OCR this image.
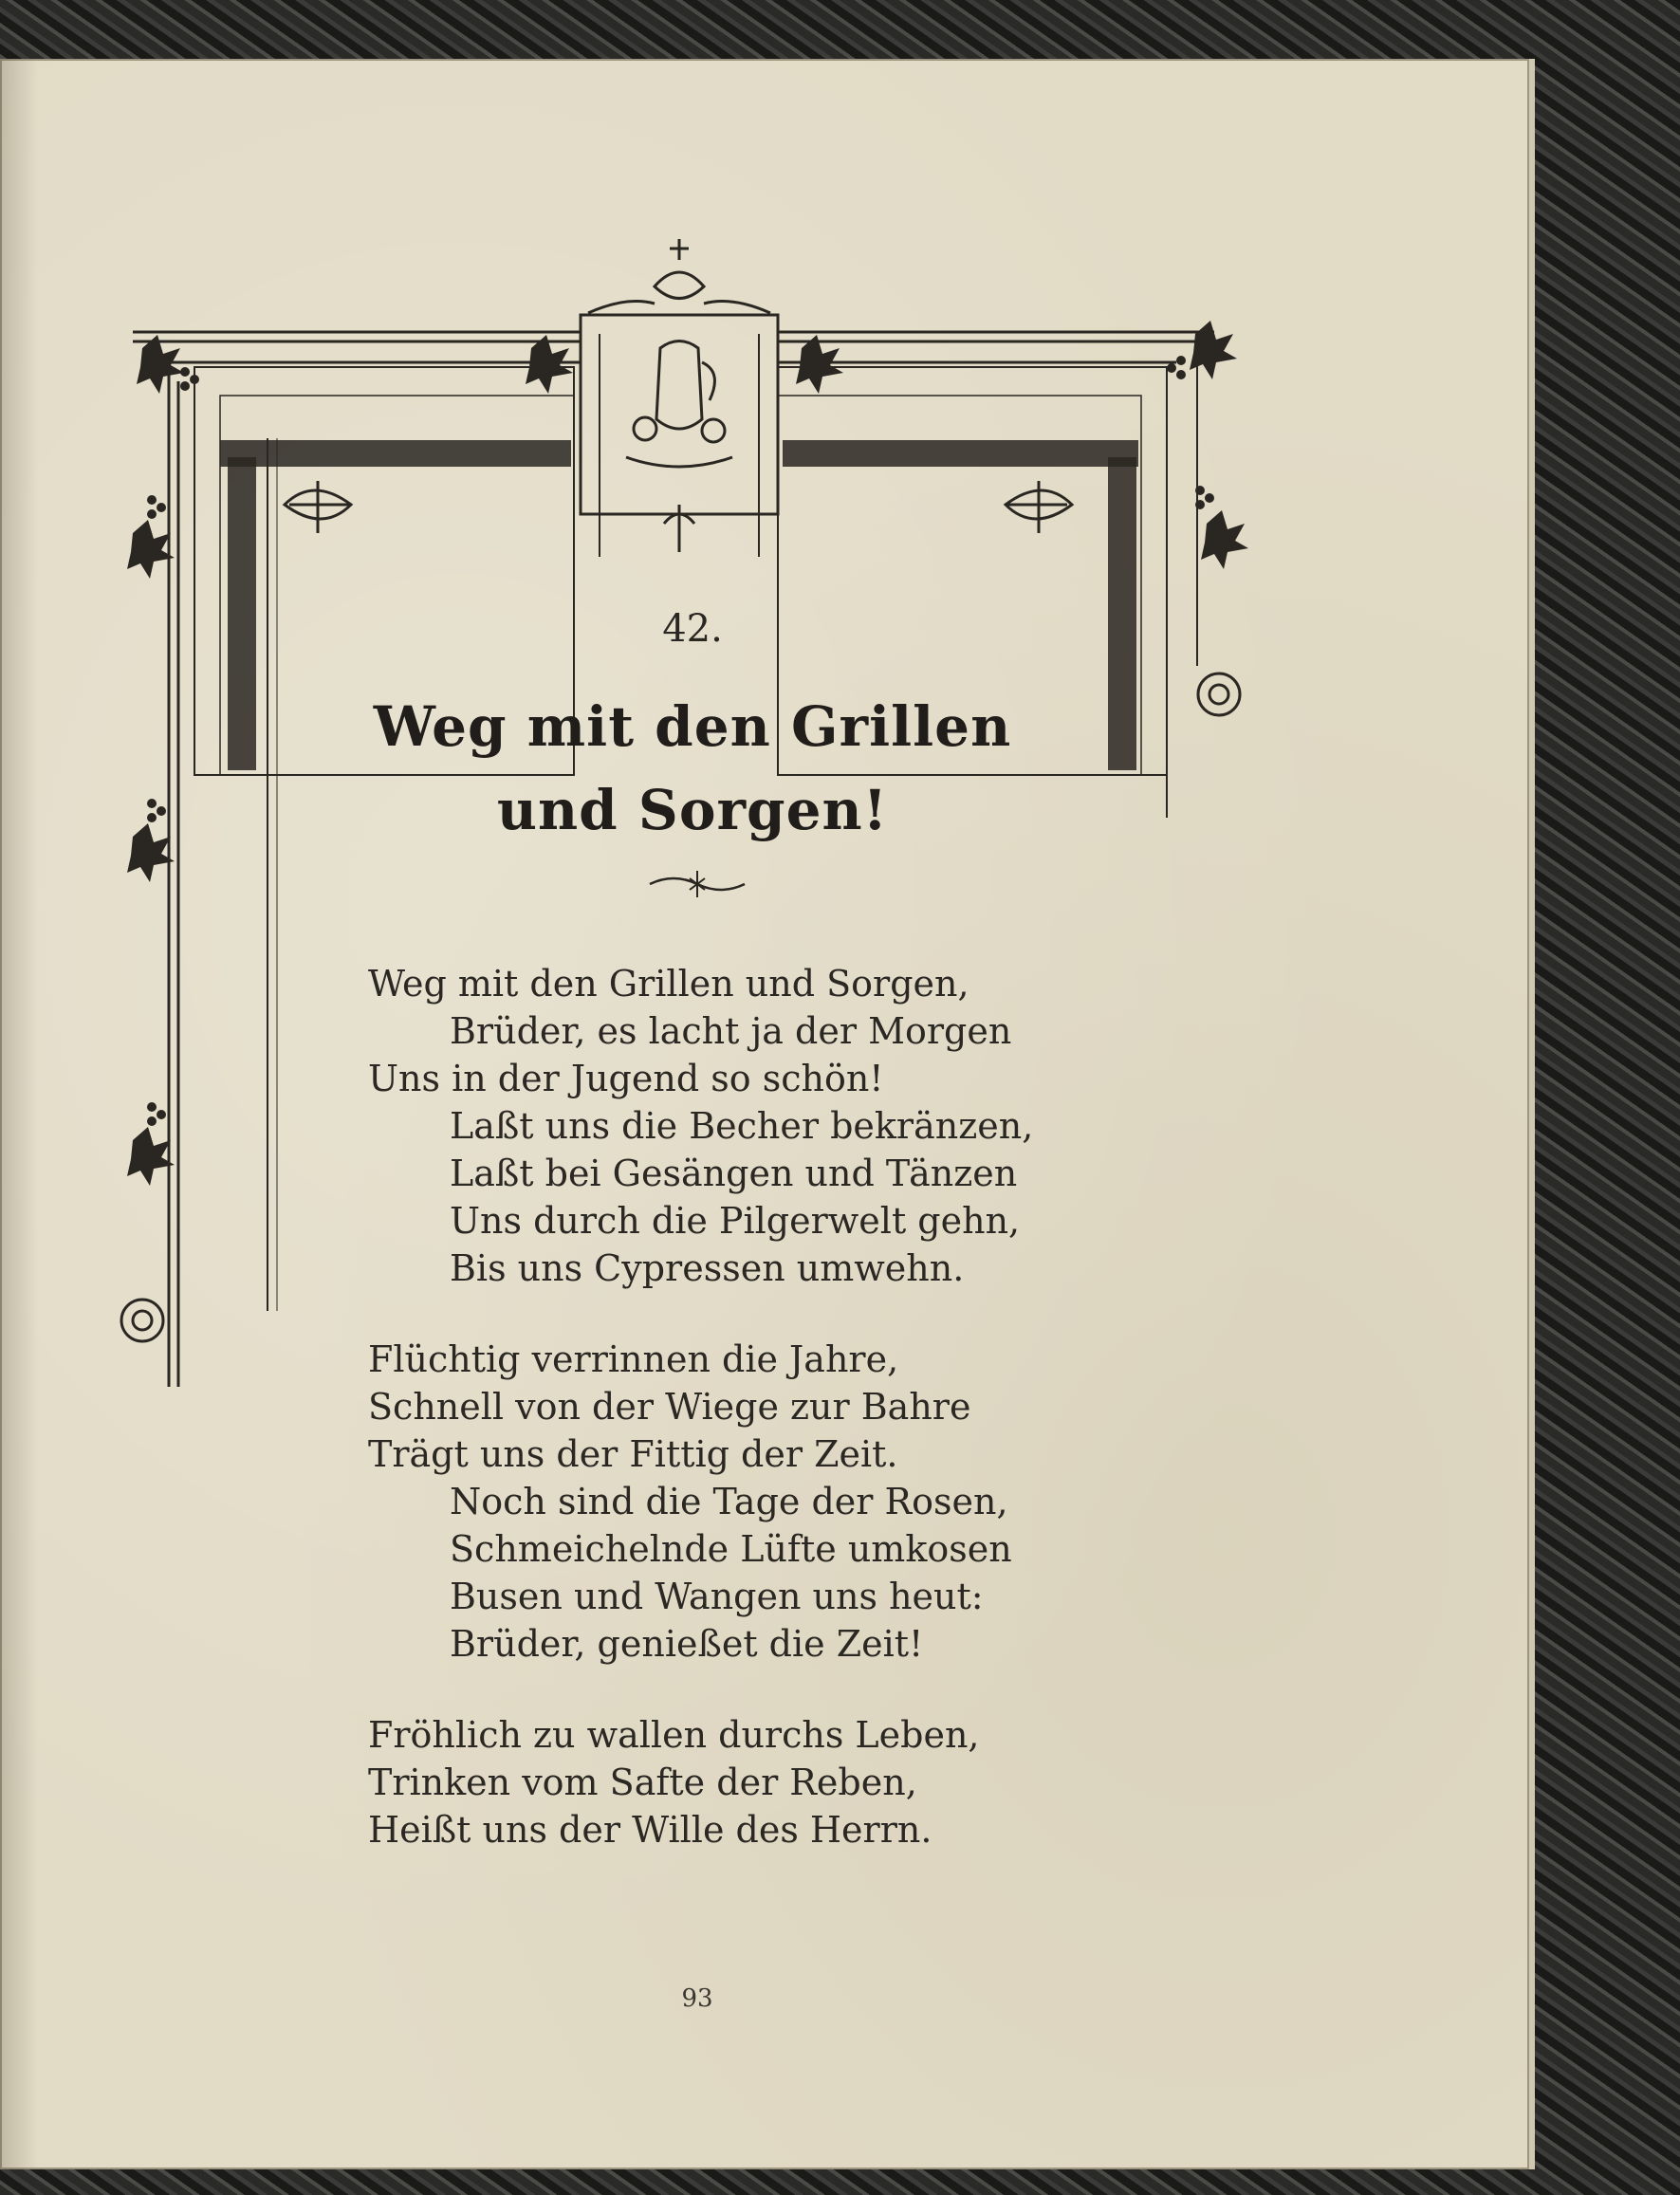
42.
Weg mit den Grillen
und Sorgen!
Weg mit den Grillen und Sorgen,
Brüder, es lacht ja der Morgen
Uns in der Jugend so schön!
Laßt uns die Becher bekränzen,
Laßt bei Gesängen und Tänzen
Uns durch die Pilgerwelt gehn,
Bis uns Cypressen umwehn.
Flüchtig verrinnen die Jahre,
Schnell von der Wiege zur Bahre
Trägt uns der Fittig der Zeit.
Noch sind die Tage der Rosen,
Schmeichelnde Lüfte umkosen
Busen und Wangen uns heut:
Brüder, genießet die Zeit!
Fröhlich zu wallen durchs Leben,
Trinken vom Safte der Reben,
Heißt uns der Wille des Herrn.
93
